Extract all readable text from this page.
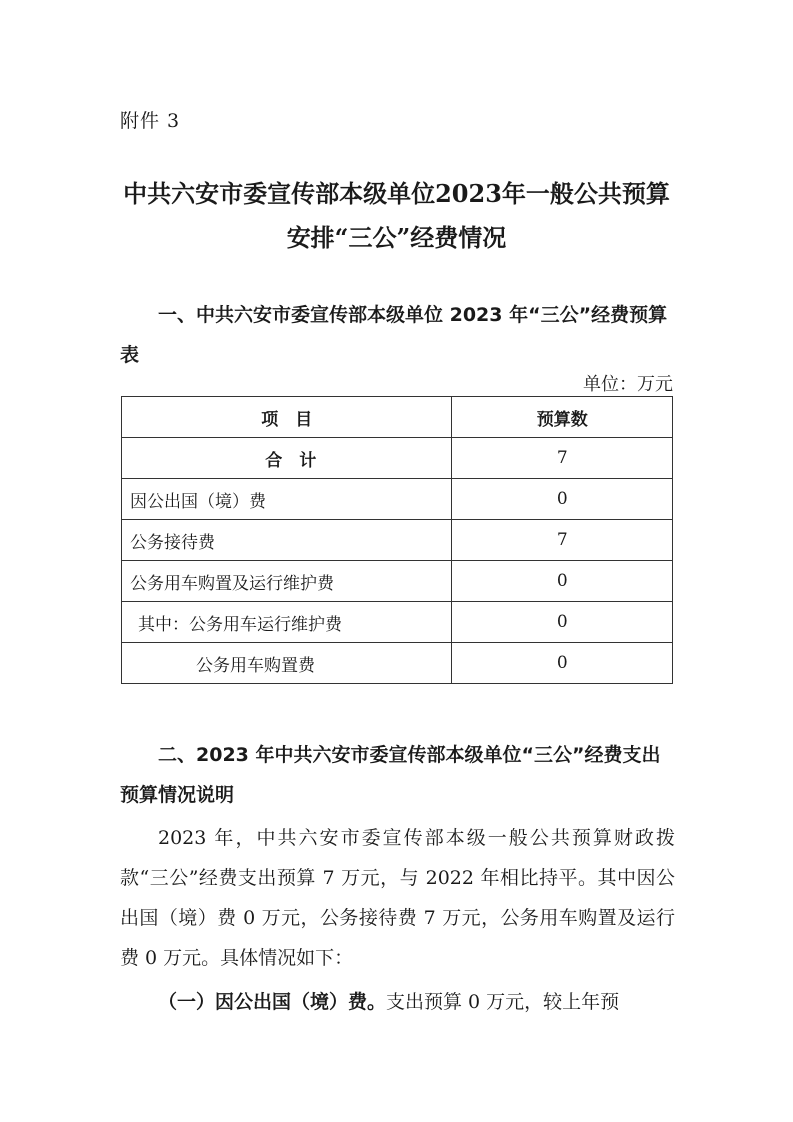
附件 3
中共六安市委宣传部本级单位2023年一般公共预算
安排“三公”经费情况
一、中共六安市委宣传部本级单位 2023 年“三公”经费预算表
单位：万元
项　目	预算数
合　计	7
因公出国（境）费	0
公务接待费	7
公务用车购置及运行维护费	0
其中：公务用车运行维护费	0
公务用车购置费	0
二、2023 年中共六安市委宣传部本级单位“三公”经费支出预算情况说明
2023 年，中共六安市委宣传部本级一般公共预算财政拨款“三公”经费支出预算 7 万元，与 2022 年相比持平。其中因公出国（境）费 0 万元，公务接待费 7 万元，公务用车购置及运行费 0 万元。具体情况如下：
（一）因公出国（境）费。支出预算 0 万元，较上年预
